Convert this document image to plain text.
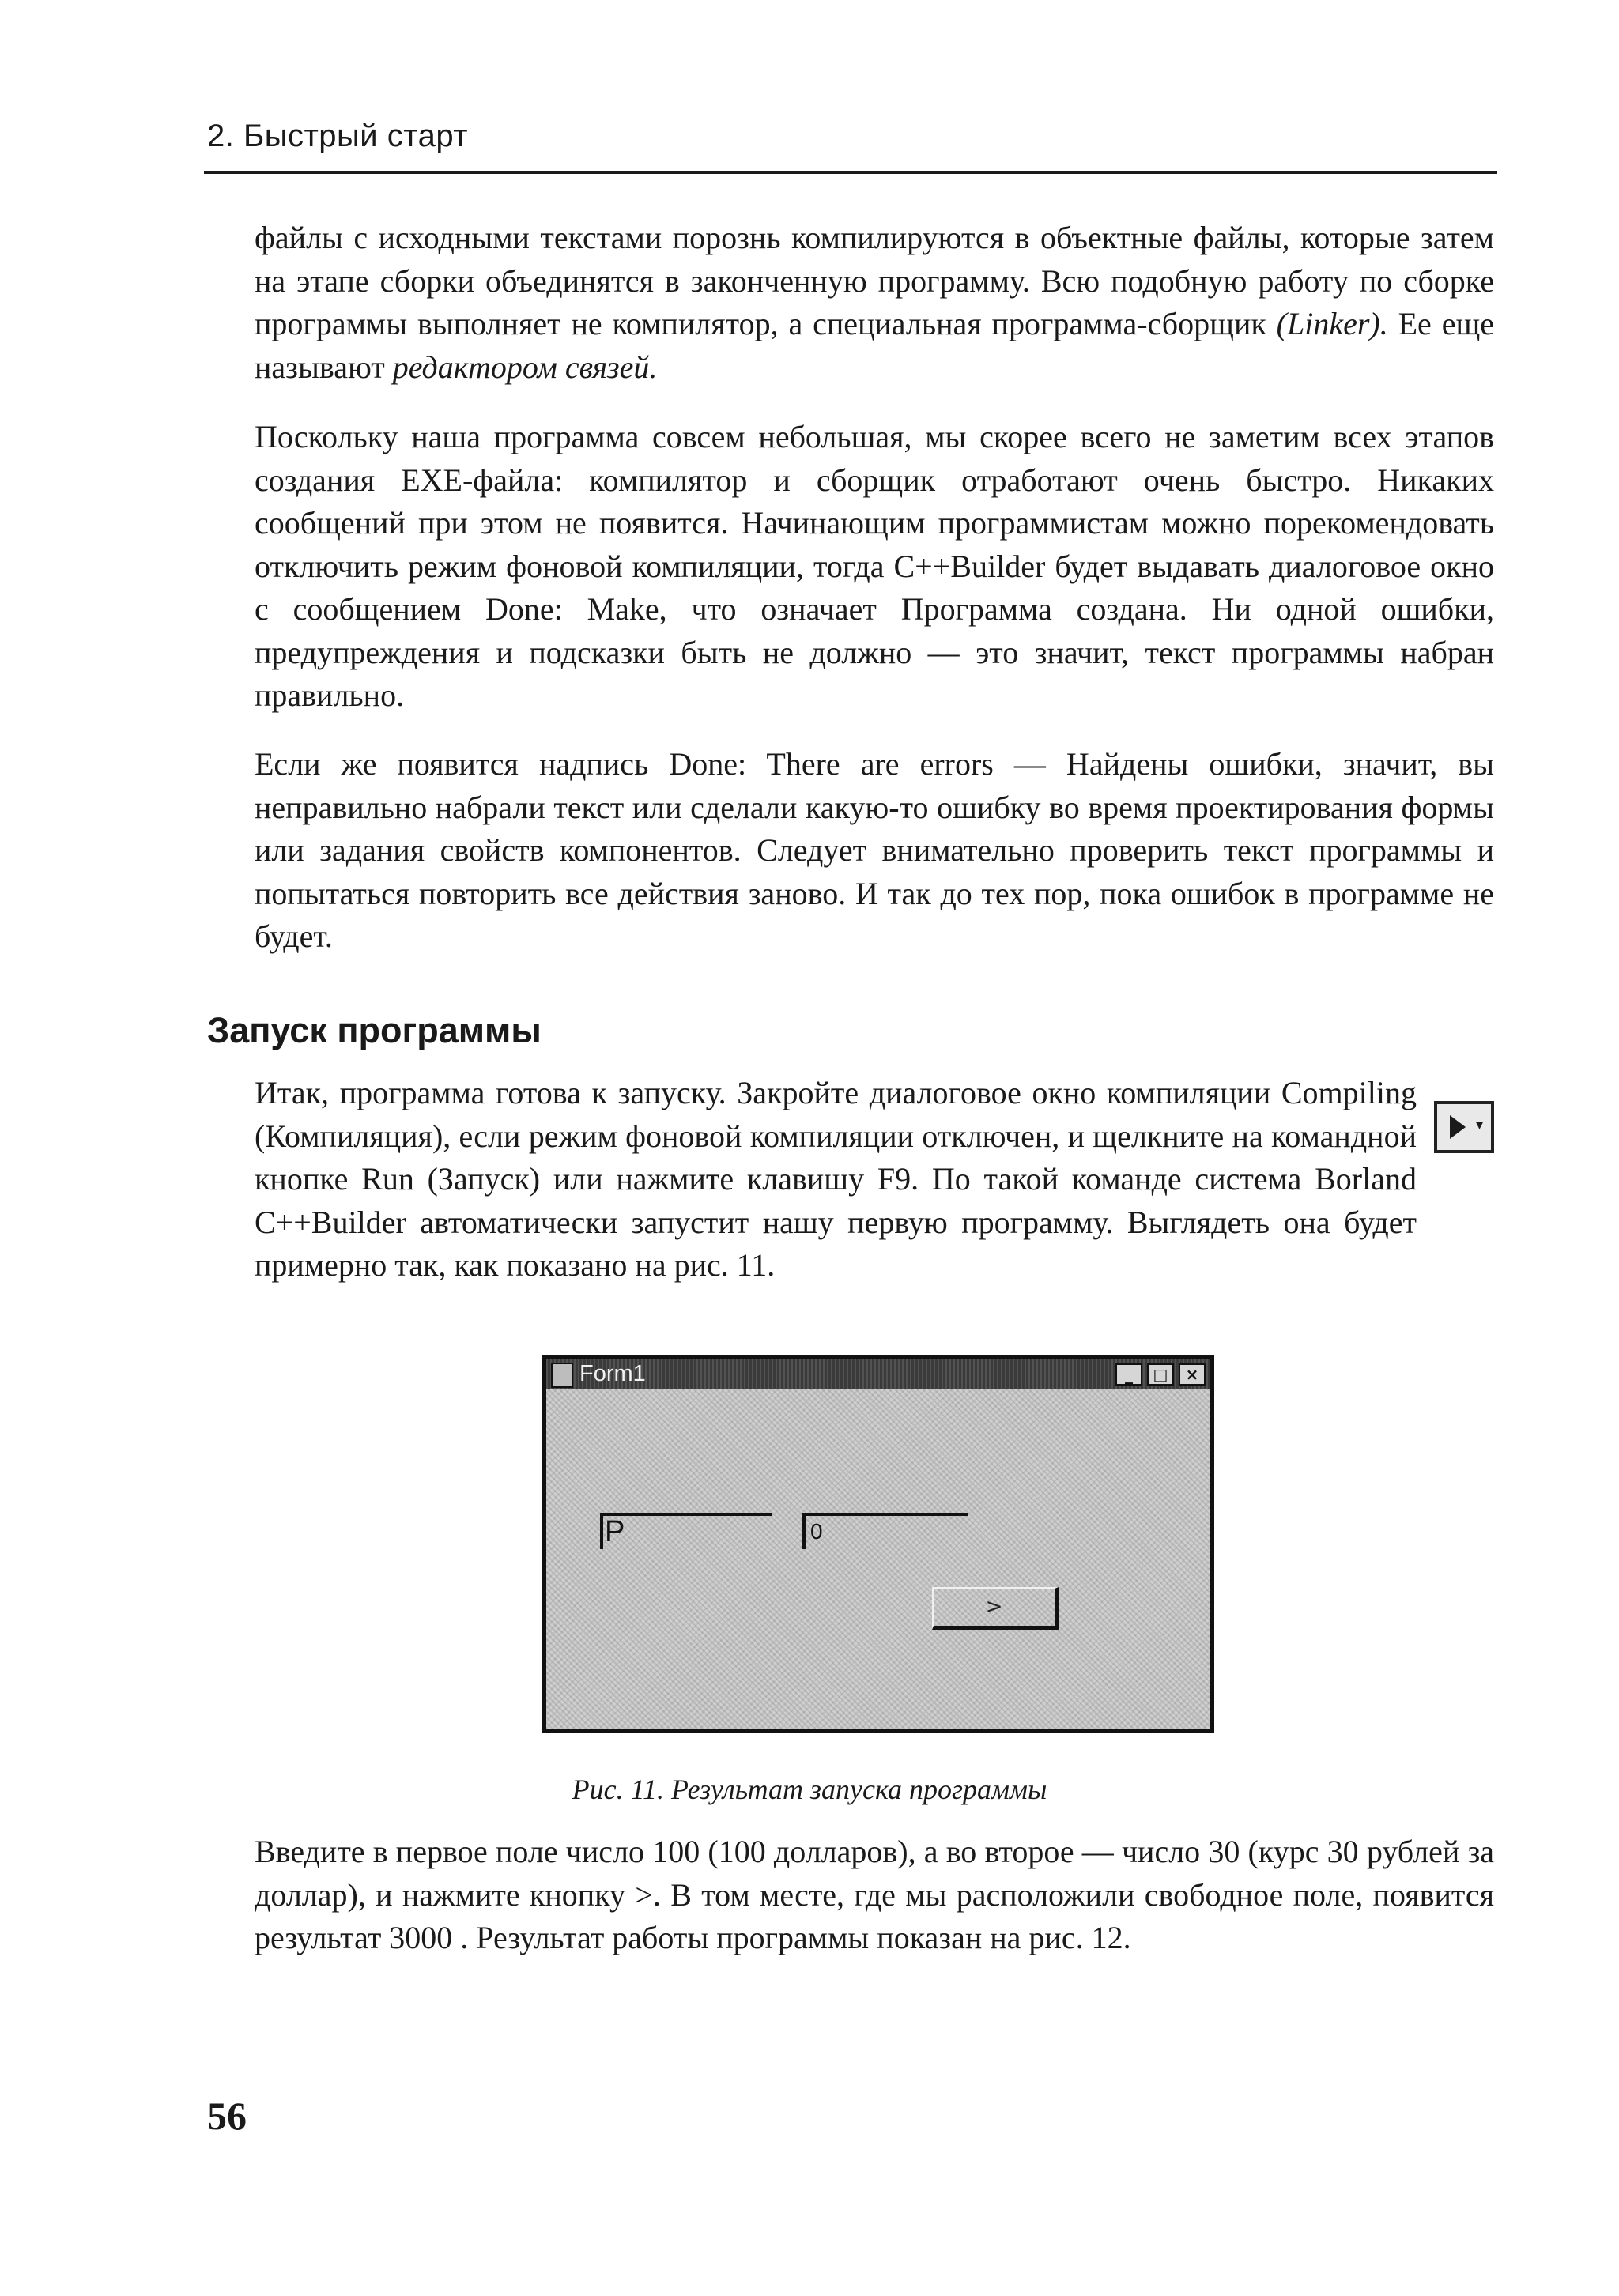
2. Быстрый старт

файлы с исходными текстами порознь компилируются в объектные файлы, которые затем на этапе сборки объединятся в законченную программу. Всю подобную работу по сборке программы выполняет не компилятор, а специальная программа-сборщик (Linker). Ее еще называют редактором связей.

Поскольку наша программа совсем небольшая, мы скорее всего не заметим всех этапов создания EXE-файла: компилятор и сборщик отработают очень быстро. Никаких сообщений при этом не появится. Начинающим программистам можно порекомендовать отключить режим фоновой компиляции, тогда C++Builder будет выдавать диалоговое окно с сообщением Done: Make, что означает Программа создана. Ни одной ошибки, предупреждения и подсказки быть не должно — это значит, текст программы набран правильно.

Если же появится надпись Done: There are errors — Найдены ошибки, значит, вы неправильно набрали текст или сделали какую-то ошибку во время проектирования формы или задания свойств компонентов. Следует внимательно проверить текст программы и попытаться повторить все действия заново. И так до тех пор, пока ошибок в программе не будет.

Запуск программы
▾

Итак, программа готова к запуску. Закройте диалоговое окно компиляции Compiling (Компиляция), если режим фоновой компиляции отключен, и щелкните на командной кнопке Run (Запуск) или нажмите клавишу F9. По такой команде система Borland C++Builder автоматически запустит нашу первую программу. Выглядеть она будет примерно так, как показано на рис. 11.

Form1	_	□	×
P	0
>
Рис. 11. Результат запуска программы

Введите в первое поле число 100 (100 долларов), а во второе — число 30 (курс 30 рублей за доллар), и нажмите кнопку >. В том месте, где мы расположили свободное поле, появится результат 3000 . Результат работы программы показан на рис. 12.

56
